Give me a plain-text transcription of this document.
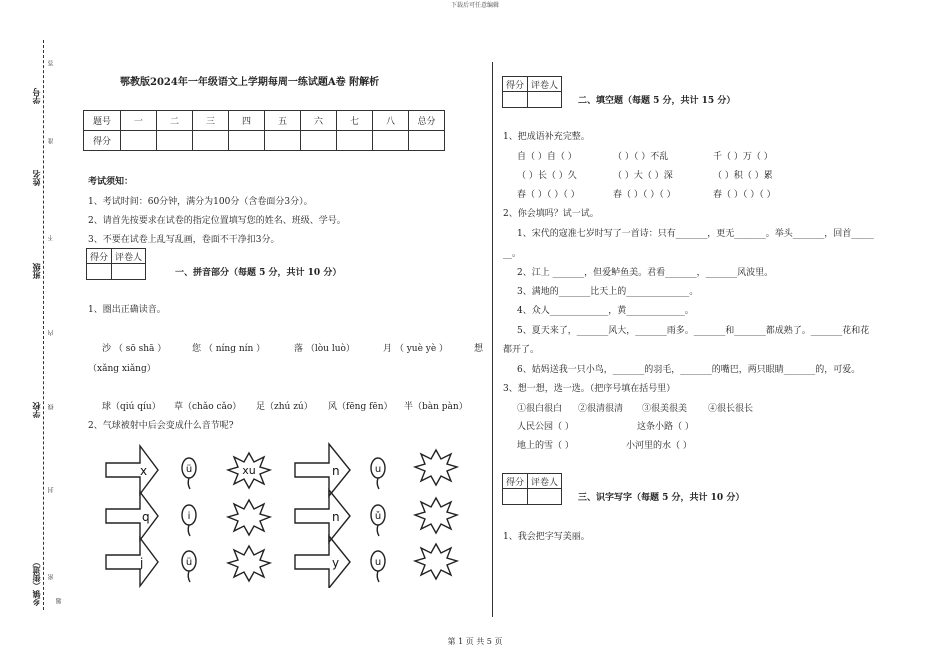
下载后可任意编辑
第 1 页 共 5 页
学号
姓名
班级
学校
乡镇（街道）
答
准
不
内
线
封
密
题
鄂教版2024年一年级语文上学期每周一练试题A卷 附解析
题号	一	二	三	四	五	六	七	八	总分
得分									
考试须知：
1、考试时间：60分钟，满分为100分（含卷面分3分）。
2、请首先按要求在试卷的指定位置填写您的姓名、班级、学号。
3、不要在试卷上乱写乱画，卷面不干净扣3分。
得分	评卷人

一、拼音部分（每题 5 分，共计 10 分）
1、圈出正确读音。
沙 （ sō shā ）	您 （ níng nín ）	落 （lòu luò）	月 （ yuè yè ）	想
（xǎng xiǎng）
球（qiú qíu） 草（chǎo cǎo） 足（zhú zú） 风（fēng fēn） 半（bàn pàn）
2、气球被射中后会变成什么音节呢?
x
q
j
n
n
y
ü
i
ü
u
ǔ
u
xu
得分	评卷人

二、填空题（每题 5 分，共计 15 分）
1、把成语补充完整。
自（ ）自（ ）	（ ）（ ）不乱	千（ ）万（ ）
（ ）长（ ）久	（ ）大（ ）深	（ ）积（ ）累
春（ ）（ ）（ ）	春（ ）（ ）（ ）	春（ ）（ ）（ ）
2、你会填吗？试一试。
1、宋代的寇准七岁时写了一首诗：只有_______，更无_______。举头_______，回首_____
__。
2、江上 _______，但爱鲈鱼美。君看_______，_______风波里。
3、满地的_______比天上的______________。
4、众人_____________，黄_____________。
5、夏天来了，_______风大，_______雨多。_______和_______都成熟了。_______花和花
都开了。
6、姑妈送我一只小鸟，_______的羽毛，_______的嘴巴，两只眼睛_______的，可爱。
3、想一想，选一选。（把序号填在括号里）
①很白很白 ②很清很清 ③很美很美 ④很长很长
人民公园（ ）	这条小路（ ）
地上的雪（ ）	小河里的水（ ）
得分	评卷人

三、识字写字（每题 5 分，共计 10 分）
1、我会把字写美丽。
